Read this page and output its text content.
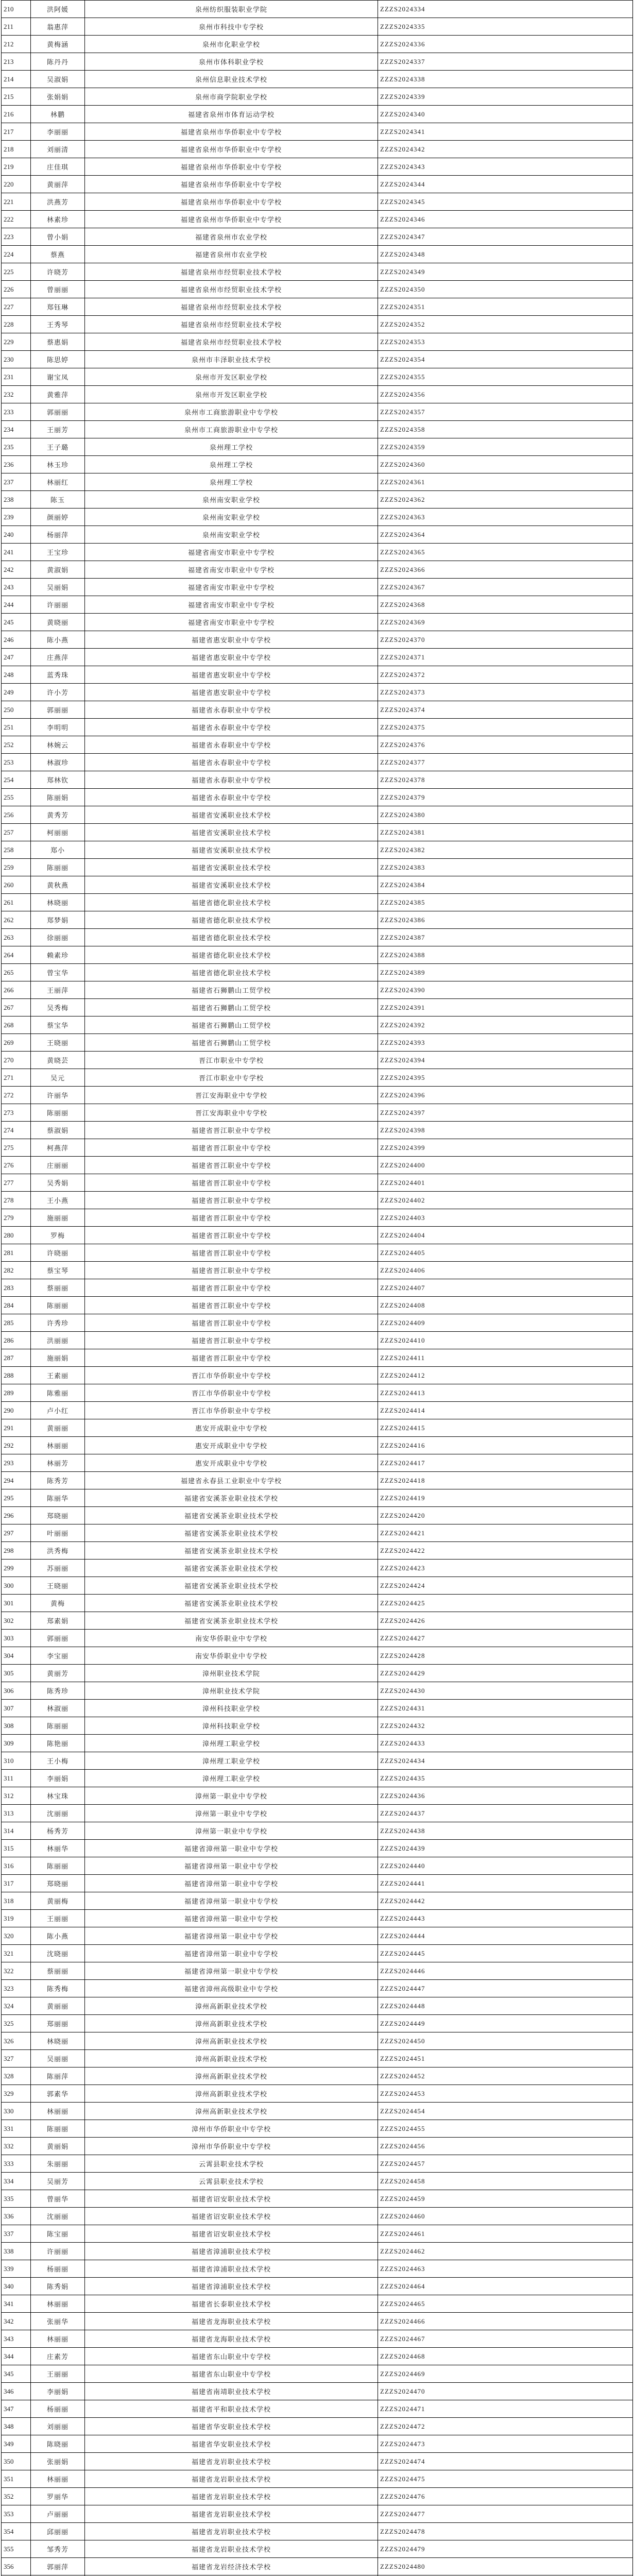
210	洪阿媛	泉州纺织服装职业学院	ZZZS2024334
211	翁惠萍	泉州市科技中专学校	ZZZS2024335
212	黄梅涵	泉州市化职业学校	ZZZS2024336
213	陈丹丹	泉州市体科职业学校	ZZZS2024337
214	吴淑娟	泉州信息职业技术学校	ZZZS2024338
215	张娟娟	泉州市商学院职业学校	ZZZS2024339
216	林鹏	福建省泉州市体育运动学校	ZZZS2024340
217	李丽丽	福建省泉州市华侨职业中专学校	ZZZS2024341
218	刘丽清	福建省泉州市华侨职业中专学校	ZZZS2024342
219	庄佳琪	福建省泉州市华侨职业中专学校	ZZZS2024343
220	黄丽萍	福建省泉州市华侨职业中专学校	ZZZS2024344
221	洪燕芳	福建省泉州市华侨职业中专学校	ZZZS2024345
222	林素珍	福建省泉州市华侨职业中专学校	ZZZS2024346
223	曾小娟	福建省泉州市农业学校	ZZZS2024347
224	蔡燕	福建省泉州市农业学校	ZZZS2024348
225	许晓芳	福建省泉州市经贸职业技术学校	ZZZS2024349
226	曾丽丽	福建省泉州市经贸职业技术学校	ZZZS2024350
227	郑钰琳	福建省泉州市经贸职业技术学校	ZZZS2024351
228	王秀琴	福建省泉州市经贸职业技术学校	ZZZS2024352
229	蔡惠娟	福建省泉州市经贸职业技术学校	ZZZS2024353
230	陈思婷	泉州市丰泽职业技术学校	ZZZS2024354
231	谢宝凤	泉州市开发区职业学校	ZZZS2024355
232	黄雅萍	泉州市开发区职业学校	ZZZS2024356
233	郭丽丽	泉州市工商旅游职业中专学校	ZZZS2024357
234	王丽芳	泉州市工商旅游职业中专学校	ZZZS2024358
235	王子璐	泉州理工学校	ZZZS2024359
236	林玉珍	泉州理工学校	ZZZS2024360
237	林丽红	泉州理工学校	ZZZS2024361
238	陈玉	泉州南安职业学校	ZZZS2024362
239	颜丽婷	泉州南安职业学校	ZZZS2024363
240	杨丽萍	泉州南安职业学校	ZZZS2024364
241	王宝珍	福建省南安市职业中专学校	ZZZS2024365
242	黄淑娟	福建省南安市职业中专学校	ZZZS2024366
243	吴丽娟	福建省南安市职业中专学校	ZZZS2024367
244	许丽丽	福建省南安市职业中专学校	ZZZS2024368
245	黄晓丽	福建省南安市职业中专学校	ZZZS2024369
246	陈小燕	福建省惠安职业中专学校	ZZZS2024370
247	庄燕萍	福建省惠安职业中专学校	ZZZS2024371
248	蓝秀珠	福建省惠安职业中专学校	ZZZS2024372
249	许小芳	福建省惠安职业中专学校	ZZZS2024373
250	郭丽丽	福建省永春职业中专学校	ZZZS2024374
251	李明明	福建省永春职业中专学校	ZZZS2024375
252	林婉云	福建省永春职业中专学校	ZZZS2024376
253	林淑珍	福建省永春职业中专学校	ZZZS2024377
254	郑林钦	福建省永春职业中专学校	ZZZS2024378
255	陈丽娟	福建省永春职业中专学校	ZZZS2024379
256	黄秀芳	福建省安溪职业技术学校	ZZZS2024380
257	柯丽丽	福建省安溪职业技术学校	ZZZS2024381
258	郑小	福建省安溪职业技术学校	ZZZS2024382
259	陈丽丽	福建省安溪职业技术学校	ZZZS2024383
260	黄秋燕	福建省安溪职业技术学校	ZZZS2024384
261	林晓丽	福建省德化职业技术学校	ZZZS2024385
262	郑梦娟	福建省德化职业技术学校	ZZZS2024386
263	徐丽丽	福建省德化职业技术学校	ZZZS2024387
264	赖素珍	福建省德化职业技术学校	ZZZS2024388
265	曾宝华	福建省德化职业技术学校	ZZZS2024389
266	王丽萍	福建省石狮鹏山工贸学校	ZZZS2024390
267	吴秀梅	福建省石狮鹏山工贸学校	ZZZS2024391
268	蔡宝华	福建省石狮鹏山工贸学校	ZZZS2024392
269	王晓丽	福建省石狮鹏山工贸学校	ZZZS2024393
270	黄晓芸	晋江市职业中专学校	ZZZS2024394
271	吴元	晋江市职业中专学校	ZZZS2024395
272	许丽华	晋江安海职业中专学校	ZZZS2024396
273	陈丽丽	晋江安海职业中专学校	ZZZS2024397
274	蔡淑娟	福建省晋江职业中专学校	ZZZS2024398
275	柯燕萍	福建省晋江职业中专学校	ZZZS2024399
276	庄丽丽	福建省晋江职业中专学校	ZZZS2024400
277	吴秀娟	福建省晋江职业中专学校	ZZZS2024401
278	王小燕	福建省晋江职业中专学校	ZZZS2024402
279	施丽丽	福建省晋江职业中专学校	ZZZS2024403
280	罗梅	福建省晋江职业中专学校	ZZZS2024404
281	许晓丽	福建省晋江职业中专学校	ZZZS2024405
282	蔡宝琴	福建省晋江职业中专学校	ZZZS2024406
283	蔡丽丽	福建省晋江职业中专学校	ZZZS2024407
284	陈丽丽	福建省晋江职业中专学校	ZZZS2024408
285	许秀珍	福建省晋江职业中专学校	ZZZS2024409
286	洪丽丽	福建省晋江职业中专学校	ZZZS2024410
287	施丽娟	福建省晋江职业中专学校	ZZZS2024411
288	王素丽	晋江市华侨职业中专学校	ZZZS2024412
289	陈雅丽	晋江市华侨职业中专学校	ZZZS2024413
290	卢小红	晋江市华侨职业中专学校	ZZZS2024414
291	黄丽丽	惠安开成职业中专学校	ZZZS2024415
292	林丽丽	惠安开成职业中专学校	ZZZS2024416
293	林丽芳	惠安开成职业中专学校	ZZZS2024417
294	陈秀芳	福建省永春县工业职业中专学校	ZZZS2024418
295	陈丽华	福建省安溪茶业职业技术学校	ZZZS2024419
296	郑晓丽	福建省安溪茶业职业技术学校	ZZZS2024420
297	叶丽丽	福建省安溪茶业职业技术学校	ZZZS2024421
298	洪秀梅	福建省安溪茶业职业技术学校	ZZZS2024422
299	苏丽丽	福建省安溪茶业职业技术学校	ZZZS2024423
300	王晓丽	福建省安溪茶业职业技术学校	ZZZS2024424
301	黄梅	福建省安溪茶业职业技术学校	ZZZS2024425
302	郑素娟	福建省安溪茶业职业技术学校	ZZZS2024426
303	郭丽丽	南安华侨职业中专学校	ZZZS2024427
304	李宝丽	南安华侨职业中专学校	ZZZS2024428
305	黄丽芳	漳州职业技术学院	ZZZS2024429
306	陈秀珍	漳州职业技术学院	ZZZS2024430
307	林淑丽	漳州科技职业学校	ZZZS2024431
308	陈丽丽	漳州科技职业学校	ZZZS2024432
309	陈艳丽	漳州理工职业学校	ZZZS2024433
310	王小梅	漳州理工职业学校	ZZZS2024434
311	李丽娟	漳州理工职业学校	ZZZS2024435
312	林宝珠	漳州第一职业中专学校	ZZZS2024436
313	沈丽丽	漳州第一职业中专学校	ZZZS2024437
314	杨秀芳	漳州第一职业中专学校	ZZZS2024438
315	林丽华	福建省漳州第一职业中专学校	ZZZS2024439
316	陈丽丽	福建省漳州第一职业中专学校	ZZZS2024440
317	郑晓丽	福建省漳州第一职业中专学校	ZZZS2024441
318	黄丽梅	福建省漳州第一职业中专学校	ZZZS2024442
319	王丽丽	福建省漳州第一职业中专学校	ZZZS2024443
320	陈小燕	福建省漳州第一职业中专学校	ZZZS2024444
321	沈晓丽	福建省漳州第一职业中专学校	ZZZS2024445
322	蔡丽丽	福建省漳州第一职业中专学校	ZZZS2024446
323	陈秀梅	福建省漳州高级职业中专学校	ZZZS2024447
324	黄丽丽	漳州高新职业技术学校	ZZZS2024448
325	郑丽丽	漳州高新职业技术学校	ZZZS2024449
326	林晓丽	漳州高新职业技术学校	ZZZS2024450
327	吴丽丽	漳州高新职业技术学校	ZZZS2024451
328	陈丽萍	漳州高新职业技术学校	ZZZS2024452
329	郭素华	漳州高新职业技术学校	ZZZS2024453
330	林丽丽	漳州高新职业技术学校	ZZZS2024454
331	陈丽丽	漳州市华侨职业中专学校	ZZZS2024455
332	黄丽娟	漳州市华侨职业中专学校	ZZZS2024456
333	朱丽丽	云霄县职业技术学校	ZZZS2024457
334	吴丽芳	云霄县职业技术学校	ZZZS2024458
335	曾丽华	福建省诏安职业技术学校	ZZZS2024459
336	沈丽丽	福建省诏安职业技术学校	ZZZS2024460
337	陈宝丽	福建省诏安职业技术学校	ZZZS2024461
338	许丽丽	福建省漳浦职业技术学校	ZZZS2024462
339	杨丽丽	福建省漳浦职业技术学校	ZZZS2024463
340	陈秀娟	福建省漳浦职业技术学校	ZZZS2024464
341	林丽丽	福建省长泰职业技术学校	ZZZS2024465
342	张丽华	福建省龙海职业技术学校	ZZZS2024466
343	林丽丽	福建省龙海职业技术学校	ZZZS2024467
344	庄素芳	福建省东山职业中专学校	ZZZS2024468
345	王丽丽	福建省东山职业中专学校	ZZZS2024469
346	李丽娟	福建省南靖职业技术学校	ZZZS2024470
347	杨丽丽	福建省平和职业技术学校	ZZZS2024471
348	刘丽丽	福建省华安职业技术学校	ZZZS2024472
349	陈晓丽	福建省华安职业技术学校	ZZZS2024473
350	张丽娟	福建省龙岩职业技术学校	ZZZS2024474
351	林丽丽	福建省龙岩职业技术学校	ZZZS2024475
352	罗丽华	福建省龙岩职业技术学校	ZZZS2024476
353	卢丽丽	福建省龙岩职业技术学校	ZZZS2024477
354	邱丽丽	福建省龙岩职业技术学校	ZZZS2024478
355	邹秀芳	福建省龙岩职业技术学校	ZZZS2024479
356	郭丽萍	福建省龙岩经济技术学校	ZZZS2024480
